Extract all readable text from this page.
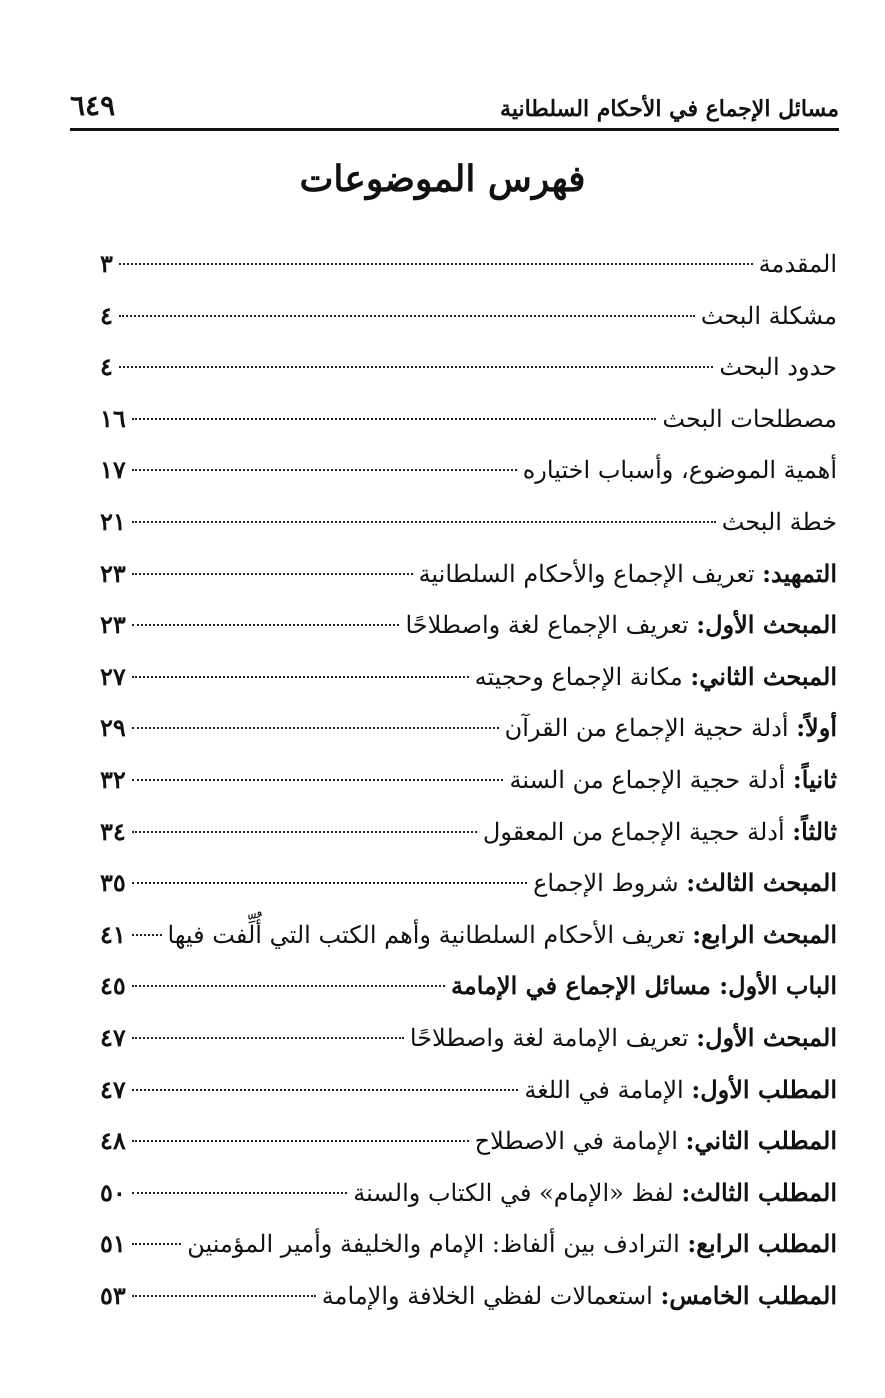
مسائل الإجماع في الأحكام السلطانية
٦٤٩
فهرس الموضوعات
المقدمة
٣
مشكلة البحث
٤
حدود البحث
٤
مصطلحات البحث
١٦
أهمية الموضوع، وأسباب اختياره
١٧
خطة البحث
٢١
التمهيد: تعريف الإجماع والأحكام السلطانية
٢٣
المبحث الأول: تعريف الإجماع لغة واصطلاحًا
٢٣
المبحث الثاني: مكانة الإجماع وحجيته
٢٧
أولاً: أدلة حجية الإجماع من القرآن
٢٩
ثانياً: أدلة حجية الإجماع من السنة
٣٢
ثالثاً: أدلة حجية الإجماع من المعقول
٣٤
المبحث الثالث: شروط الإجماع
٣٥
المبحث الرابع: تعريف الأحكام السلطانية وأهم الكتب التي أُلِّفت فيها
٤١
الباب الأول: مسائل الإجماع في الإمامة
٤٥
المبحث الأول: تعريف الإمامة لغة واصطلاحًا
٤٧
المطلب الأول: الإمامة في اللغة
٤٧
المطلب الثاني: الإمامة في الاصطلاح
٤٨
المطلب الثالث: لفظ «الإمام» في الكتاب والسنة
٥٠
المطلب الرابع: الترادف بين ألفاظ: الإمام والخليفة وأمير المؤمنين
٥١
المطلب الخامس: استعمالات لفظي الخلافة والإمامة
٥٣
